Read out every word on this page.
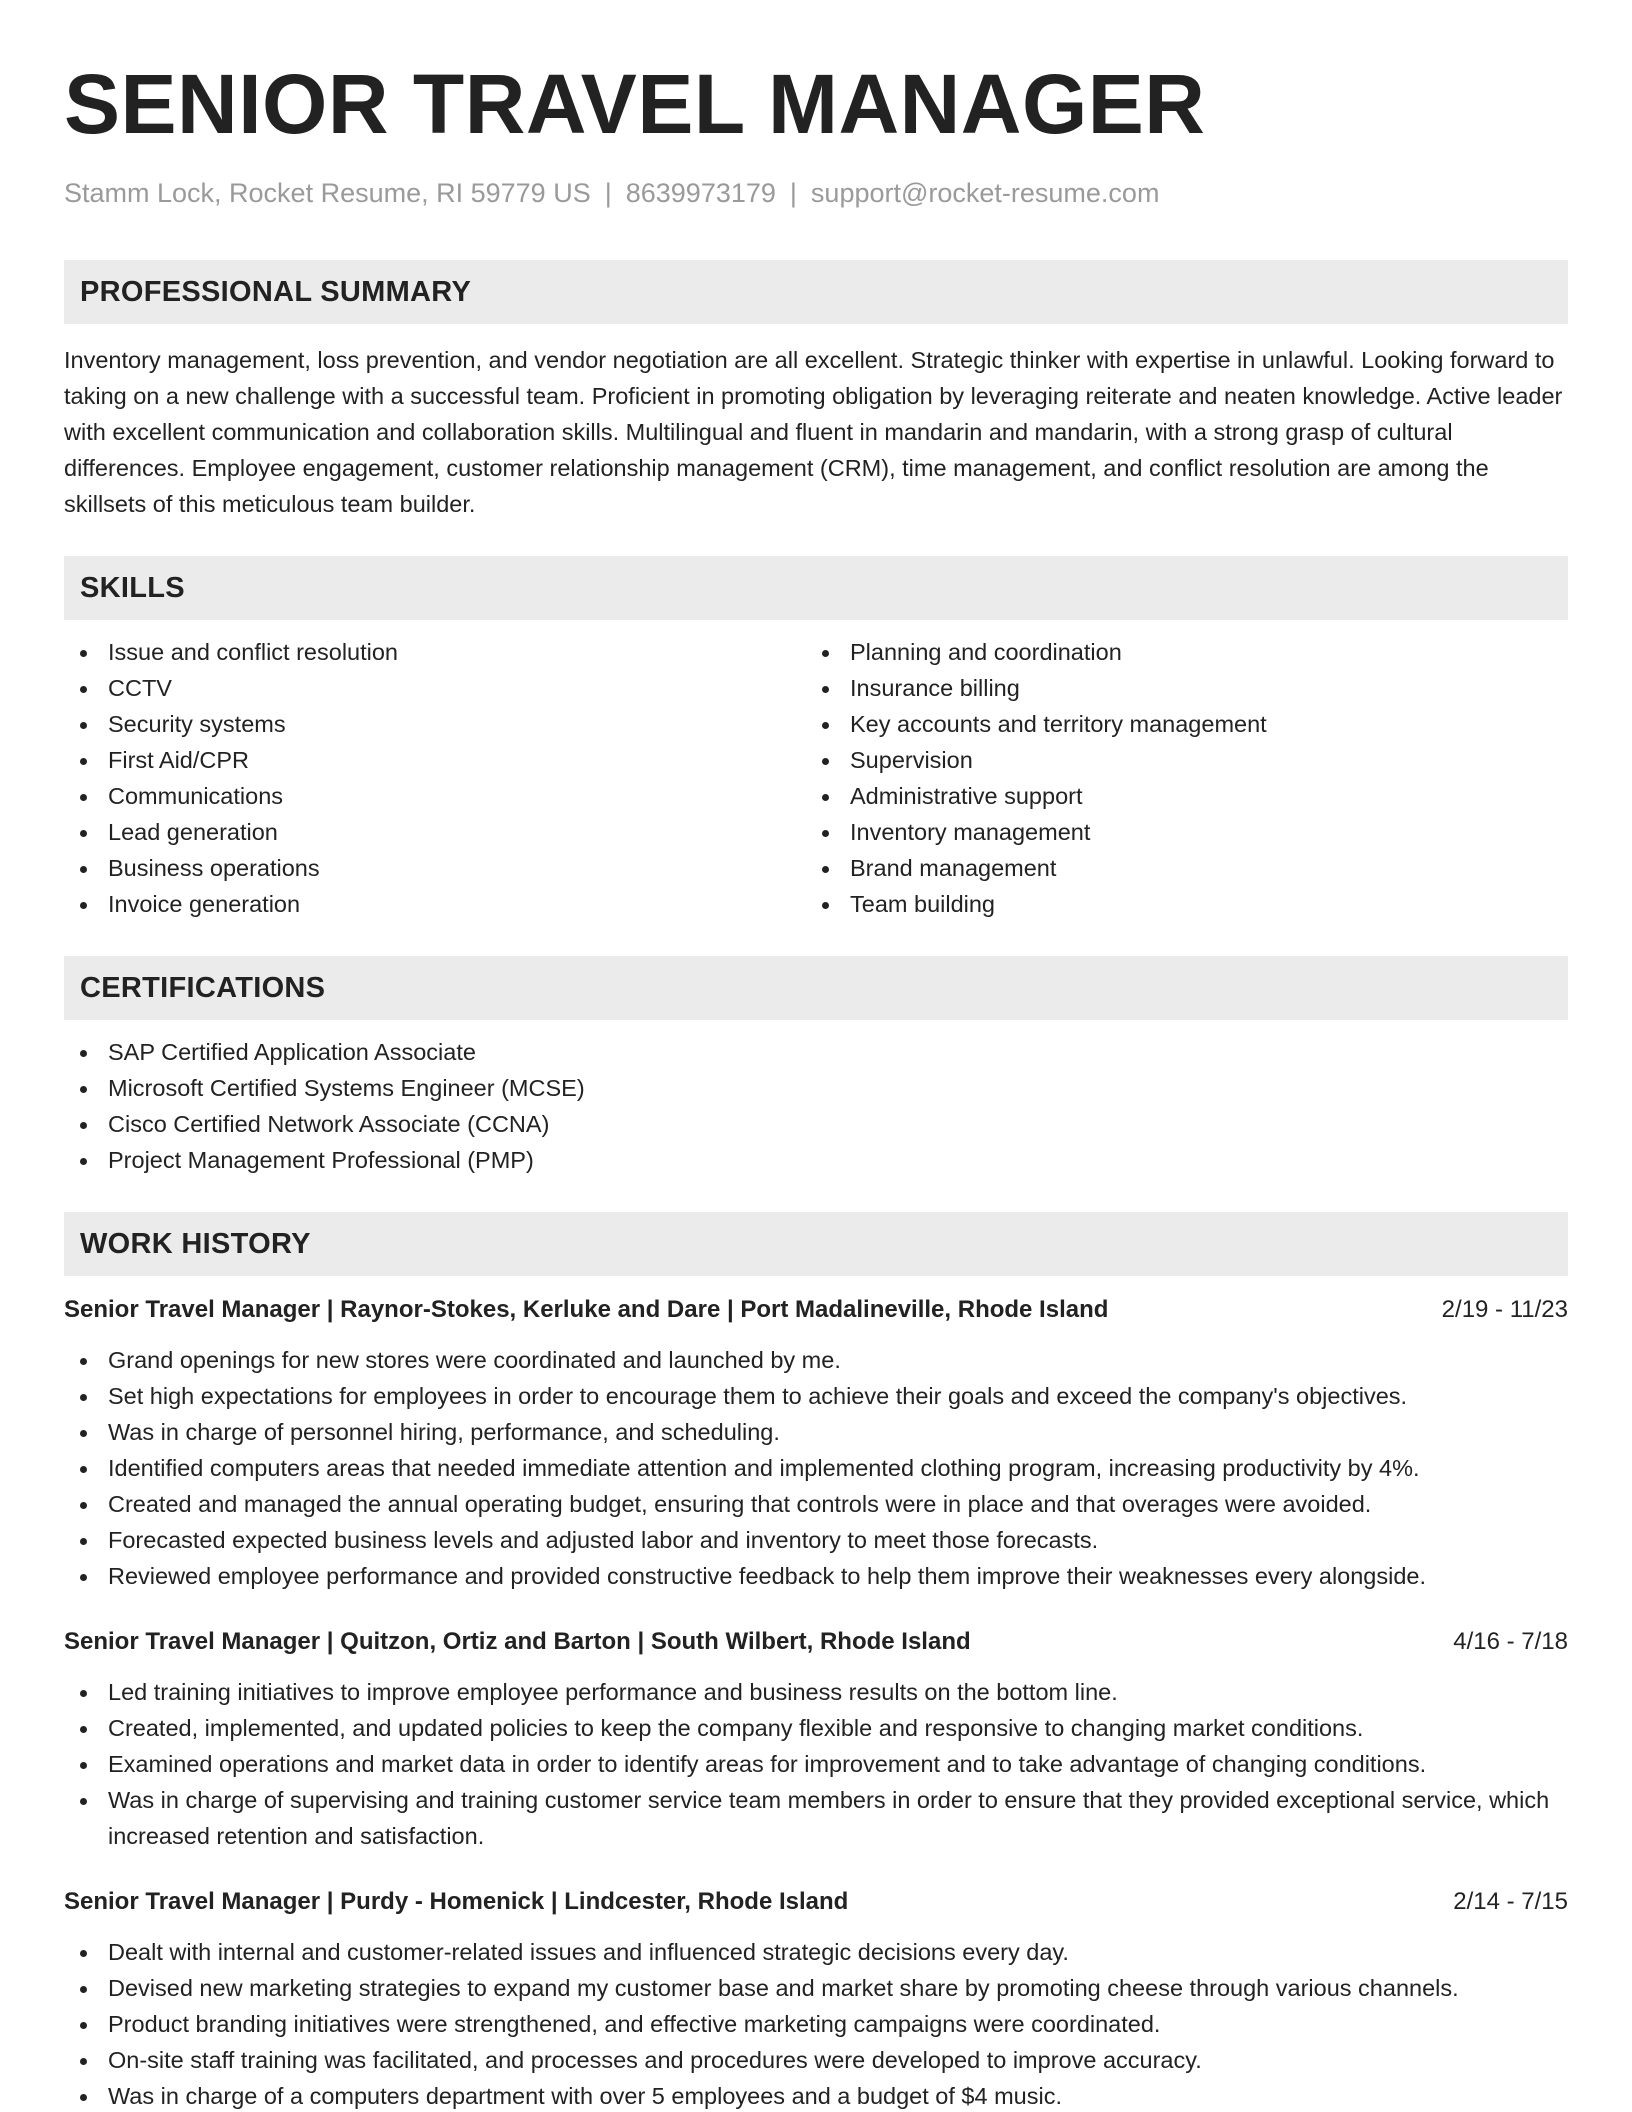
SENIOR TRAVEL MANAGER
Stamm Lock, Rocket Resume, RI 59779 US | 8639973179 | support@rocket-resume.com
PROFESSIONAL SUMMARY
Inventory management, loss prevention, and vendor negotiation are all excellent. Strategic thinker with expertise in unlawful. Looking forward to taking on a new challenge with a successful team. Proficient in promoting obligation by leveraging reiterate and neaten knowledge. Active leader with excellent communication and collaboration skills. Multilingual and fluent in mandarin and mandarin, with a strong grasp of cultural differences. Employee engagement, customer relationship management (CRM), time management, and conflict resolution are among the skillsets of this meticulous team builder.
SKILLS
Issue and conflict resolution
CCTV
Security systems
First Aid/CPR
Communications
Lead generation
Business operations
Invoice generation
Planning and coordination
Insurance billing
Key accounts and territory management
Supervision
Administrative support
Inventory management
Brand management
Team building
CERTIFICATIONS
SAP Certified Application Associate
Microsoft Certified Systems Engineer (MCSE)
Cisco Certified Network Associate (CCNA)
Project Management Professional (PMP)
WORK HISTORY
Senior Travel Manager | Raynor-Stokes, Kerluke and Dare | Port Madalineville, Rhode Island	2/19 - 11/23
Grand openings for new stores were coordinated and launched by me.
Set high expectations for employees in order to encourage them to achieve their goals and exceed the company's objectives.
Was in charge of personnel hiring, performance, and scheduling.
Identified computers areas that needed immediate attention and implemented clothing program, increasing productivity by 4%.
Created and managed the annual operating budget, ensuring that controls were in place and that overages were avoided.
Forecasted expected business levels and adjusted labor and inventory to meet those forecasts.
Reviewed employee performance and provided constructive feedback to help them improve their weaknesses every alongside.
Senior Travel Manager | Quitzon, Ortiz and Barton | South Wilbert, Rhode Island	4/16 - 7/18
Led training initiatives to improve employee performance and business results on the bottom line.
Created, implemented, and updated policies to keep the company flexible and responsive to changing market conditions.
Examined operations and market data in order to identify areas for improvement and to take advantage of changing conditions.
Was in charge of supervising and training customer service team members in order to ensure that they provided exceptional service, which increased retention and satisfaction.
Senior Travel Manager | Purdy - Homenick | Lindcester, Rhode Island	2/14 - 7/15
Dealt with internal and customer-related issues and influenced strategic decisions every day.
Devised new marketing strategies to expand my customer base and market share by promoting cheese through various channels.
Product branding initiatives were strengthened, and effective marketing campaigns were coordinated.
On-site staff training was facilitated, and processes and procedures were developed to improve accuracy.
Was in charge of a computers department with over 5 employees and a budget of $4 music.
